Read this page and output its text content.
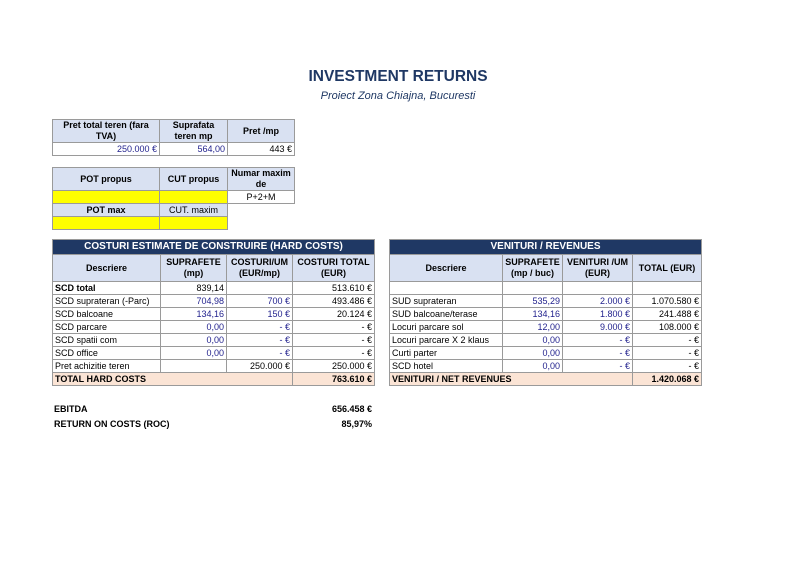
INVESTMENT RETURNS
Proiect Zona Chiajna, Bucuresti
Pret total teren (fara TVA)	Suprafata teren mp	Pret /mp
250.000 €	564,00	443 €
POT propus	CUT propus	Numar maxim de
		P+2+M
POT max	CUT. maxim	

COSTURI ESTIMATE DE CONSTRUIRE (HARD COSTS)			
Descriere	SUPRAFETE (mp)	COSTURI/UM (EUR/mp)	COSTURI TOTAL (EUR)
SCD total	839,14		513.610 €
SCD suprateran (-Parc)	704,98	700 €	493.486 €
SCD balcoane	134,16	150 €	20.124 €
SCD parcare	0,00	- €	- €
SCD spatii com	0,00	- €	- €
SCD office	0,00	- €	- €
Pret achizitie teren		250.000 €	250.000 €
TOTAL HARD COSTS			763.610 €
VENITURI / REVENUES			
Descriere	SUPRAFETE (mp / buc)	VENITURI /UM (EUR)	TOTAL (EUR)

SUD suprateran	535,29	2.000 €	1.070.580 €
SUD balcoane/terase	134,16	1.800 €	241.488 €
Locuri parcare sol	12,00	9.000 €	108.000 €
Locuri parcare X 2 klaus	0,00	- €	- €
Curti parter	0,00	- €	- €
SCD hotel	0,00	- €	- €
VENITURI / NET REVENUES			1.420.068 €
EBITDA	656.458 €
RETURN ON COSTS (ROC)	85,97%
